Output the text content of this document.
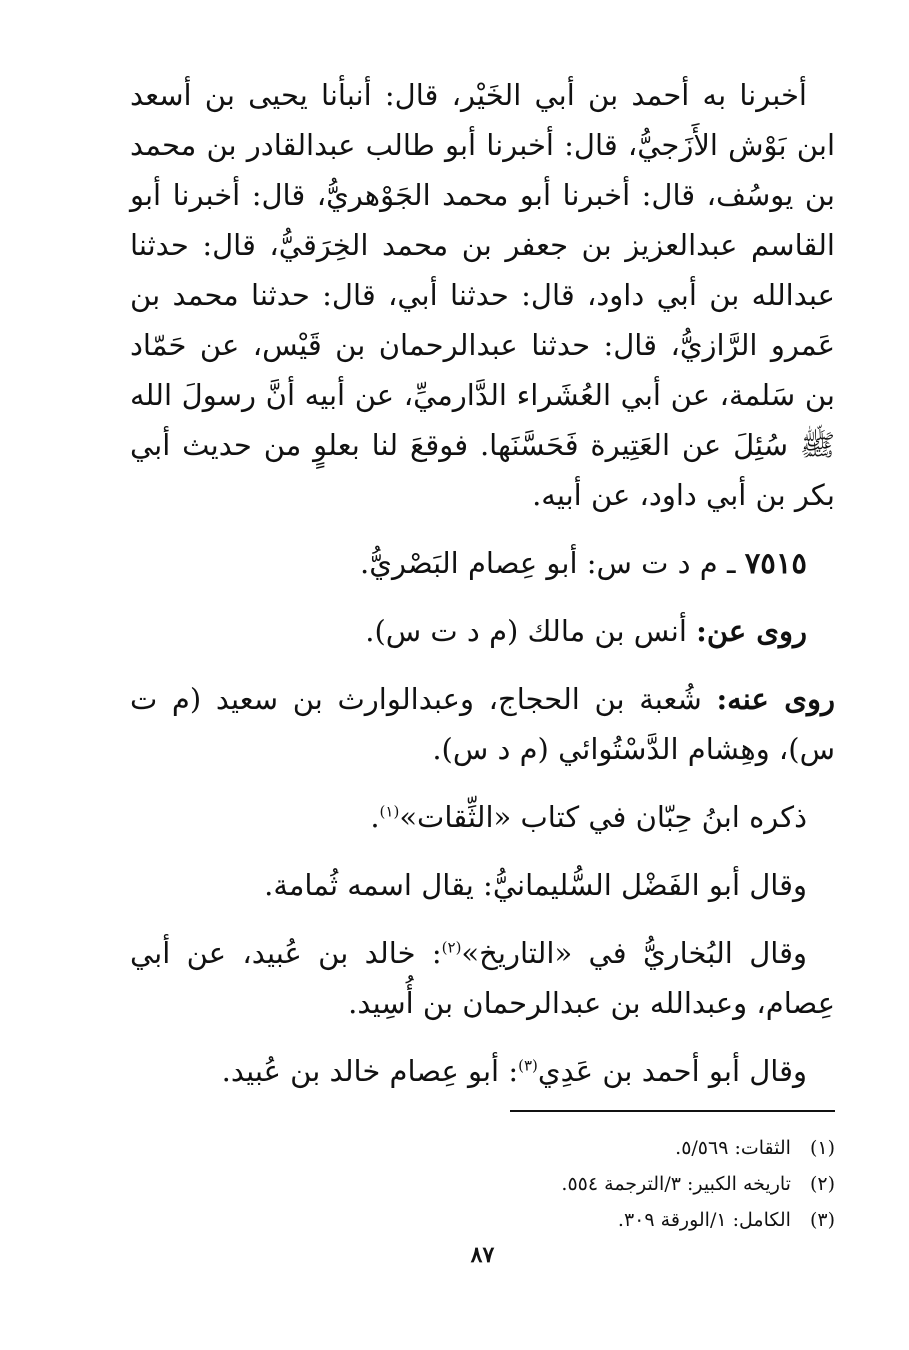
أخبرنا به أحمد بن أبي الخَيْر، قال: أنبأنا يحيى بن أسعد ابن بَوْش الأَزَجيُّ، قال: أخبرنا أبو طالب عبدالقادر بن محمد بن يوسُف، قال: أخبرنا أبو محمد الجَوْهريُّ، قال: أخبرنا أبو القاسم عبدالعزيز بن جعفر بن محمد الخِرَقيُّ، قال: حدثنا عبدالله بن أبي داود، قال: حدثنا أبي، قال: حدثنا محمد بن عَمرو الرَّازيُّ، قال: حدثنا عبدالرحمان بن قَيْس، عن حَمّاد بن سَلمة، عن أبي العُشَراء الدَّارميِّ، عن أبيه أنَّ رسولَ الله ﷺ سُئِلَ عن العَتِيرة فَحَسَّنَها. فوقعَ لنا بعلوٍ من حديث أبي بكر بن أبي داود، عن أبيه.

٧٥١٥ ـ م د ت س: أبو عِصام البَصْريُّ.

روى عن: أنس بن مالك (م د ت س).

روى عنه: شُعبة بن الحجاج، وعبدالوارث بن سعيد (م ت س)، وهِشام الدَّسْتُوائي (م د س).

ذكره ابنُ حِبّان في كتاب «الثِّقات»$^{(١)}$.

وقال أبو الفَضْل السُّليمانيُّ: يقال اسمه ثُمامة.

وقال البُخاريُّ في «التاريخ»$^{(٢)}$: خالد بن عُبيد، عن أبي عِصام، وعبدالله بن عبدالرحمان بن أُسِيد.

وقال أبو أحمد بن عَدِي$^{(٣)}$: أبو عِصام خالد بن عُبيد.

(١) الثقات: ٥/٥٦٩.

(٢) تاريخه الكبير: ٣/الترجمة ٥٥٤.

(٣) الكامل: ١/الورقة ٣٠٩.

٨٧
